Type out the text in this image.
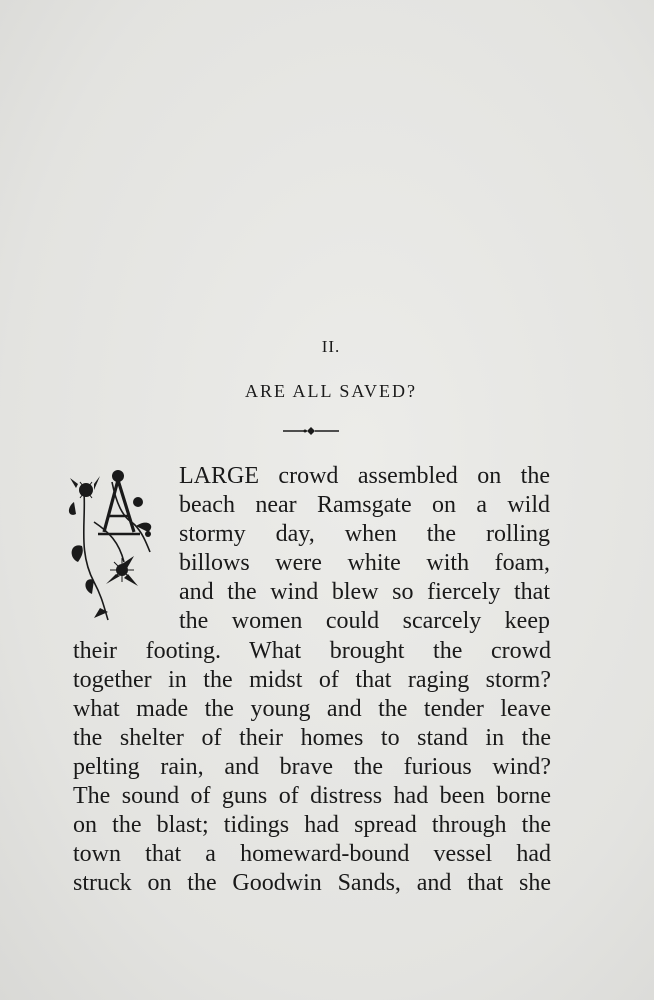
II.
ARE ALL SAVED?
LARGE crowd assembled on the
beach near Ramsgate on a wild
stormy day, when the rolling
billows were white with foam,
and the wind blew so fiercely that
the women could scarcely keep
their footing. What brought the crowd
together in the midst of that raging storm?
what made the young and the tender leave
the shelter of their homes to stand in the
pelting rain, and brave the furious wind?
The sound of guns of distress had been borne
on the blast; tidings had spread through the
town that a homeward-bound vessel had
struck on the Goodwin Sands, and that she
